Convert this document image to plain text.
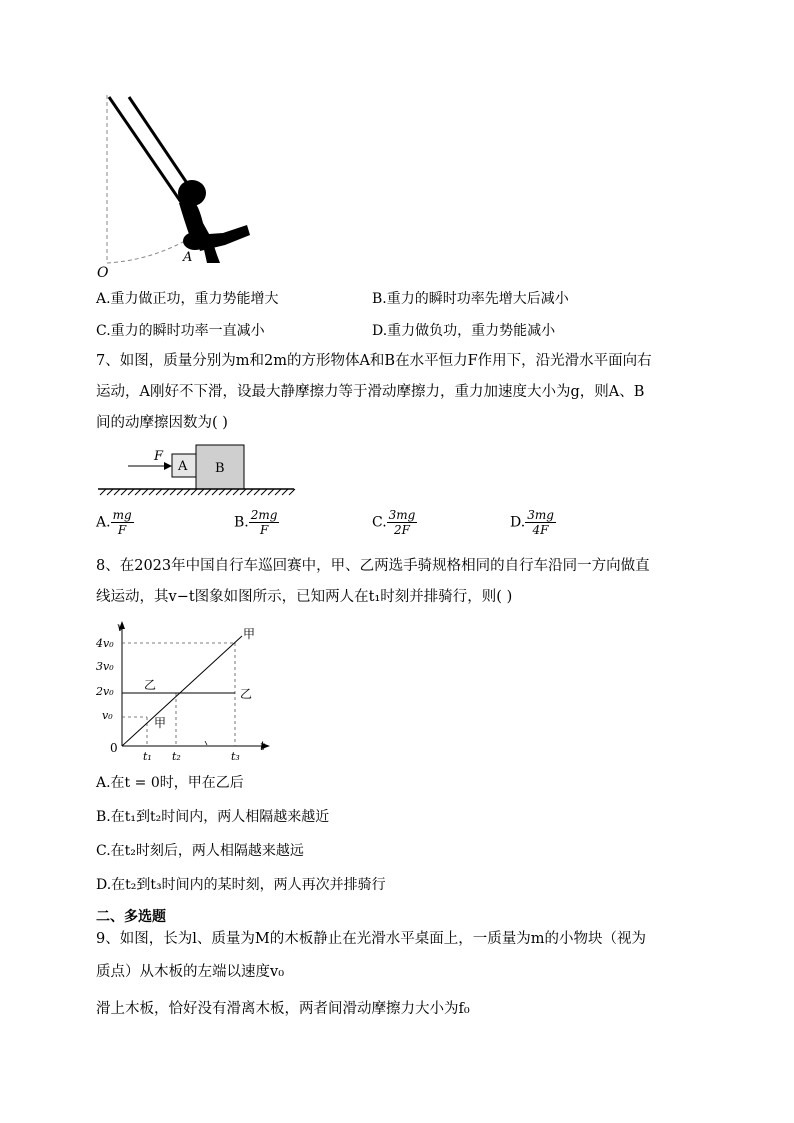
O
A
A.重力做正功，重力势能增大	B.重力的瞬时功率先增大后减小
C.重力的瞬时功率一直减小	D.重力做负功，重力势能减小
7、如图，质量分别为m和2m的方形物体A和B在水平恒力F作用下，沿光滑水平面向右
运动，A刚好不下滑，设最大静摩擦力等于滑动摩擦力，重力加速度大小为g，则A、B
间的动摩擦因数为( )
F
A B
A. $\frac{mg}{F}$	B. $\frac{2mg}{F}$	C. $\frac{3mg}{2F}$	D. $\frac{3mg}{4F}$
8、在2023年中国自行车巡回赛中，甲、乙两选手骑规格相同的自行车沿同一方向做直
线运动，其v−t图象如图所示，已知两人在t₁时刻并排骑行，则( )
v
t
0
4v₀
3v₀
2v₀
v₀
t₁ t₂	t₃
甲
乙
乙
甲
A.在t = 0时，甲在乙后
B.在t₁到t₂时间内，两人相隔越来越近
C.在t₂时刻后，两人相隔越来越远
D.在t₂到t₃时间内的某时刻，两人再次并排骑行
二、多选题
9、如图，长为l、质量为M的木板静止在光滑水平桌面上，一质量为m的小物块（视为
质点）从木板的左端以速度v₀
滑上木板，恰好没有滑离木板，两者间滑动摩擦力大小为f₀
